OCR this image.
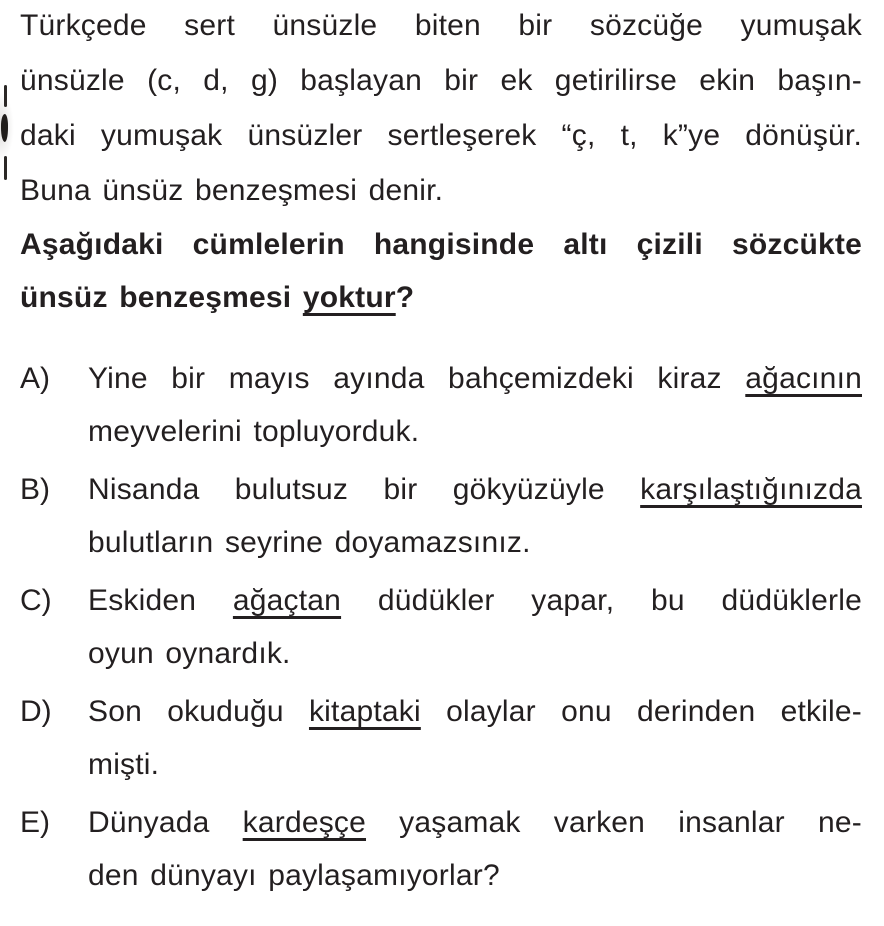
Türkçede sert ünsüzle biten bir sözcüğe yumuşak
ünsüzle (c, d, g) başlayan bir ek getirilirse ekin başın-
daki yumuşak ünsüzler sertleşerek “ç, t, k”ye dönüşür.
Buna ünsüz benzeşmesi denir.
Aşağıdaki cümlelerin hangisinde altı çizili sözcükte
ünsüz benzeşmesi yoktur?
A) Yine bir mayıs ayında bahçemizdeki kiraz ağacının
meyvelerini topluyorduk.
B) Nisanda bulutsuz bir gökyüzüyle karşılaştığınızda
bulutların seyrine doyamazsınız.
C) Eskiden ağaçtan düdükler yapar, bu düdüklerle
oyun oynardık.
D) Son okuduğu kitaptaki olaylar onu derinden etkile-
mişti.
E) Dünyada kardeşçe yaşamak varken insanlar ne-
den dünyayı paylaşamıyorlar?
